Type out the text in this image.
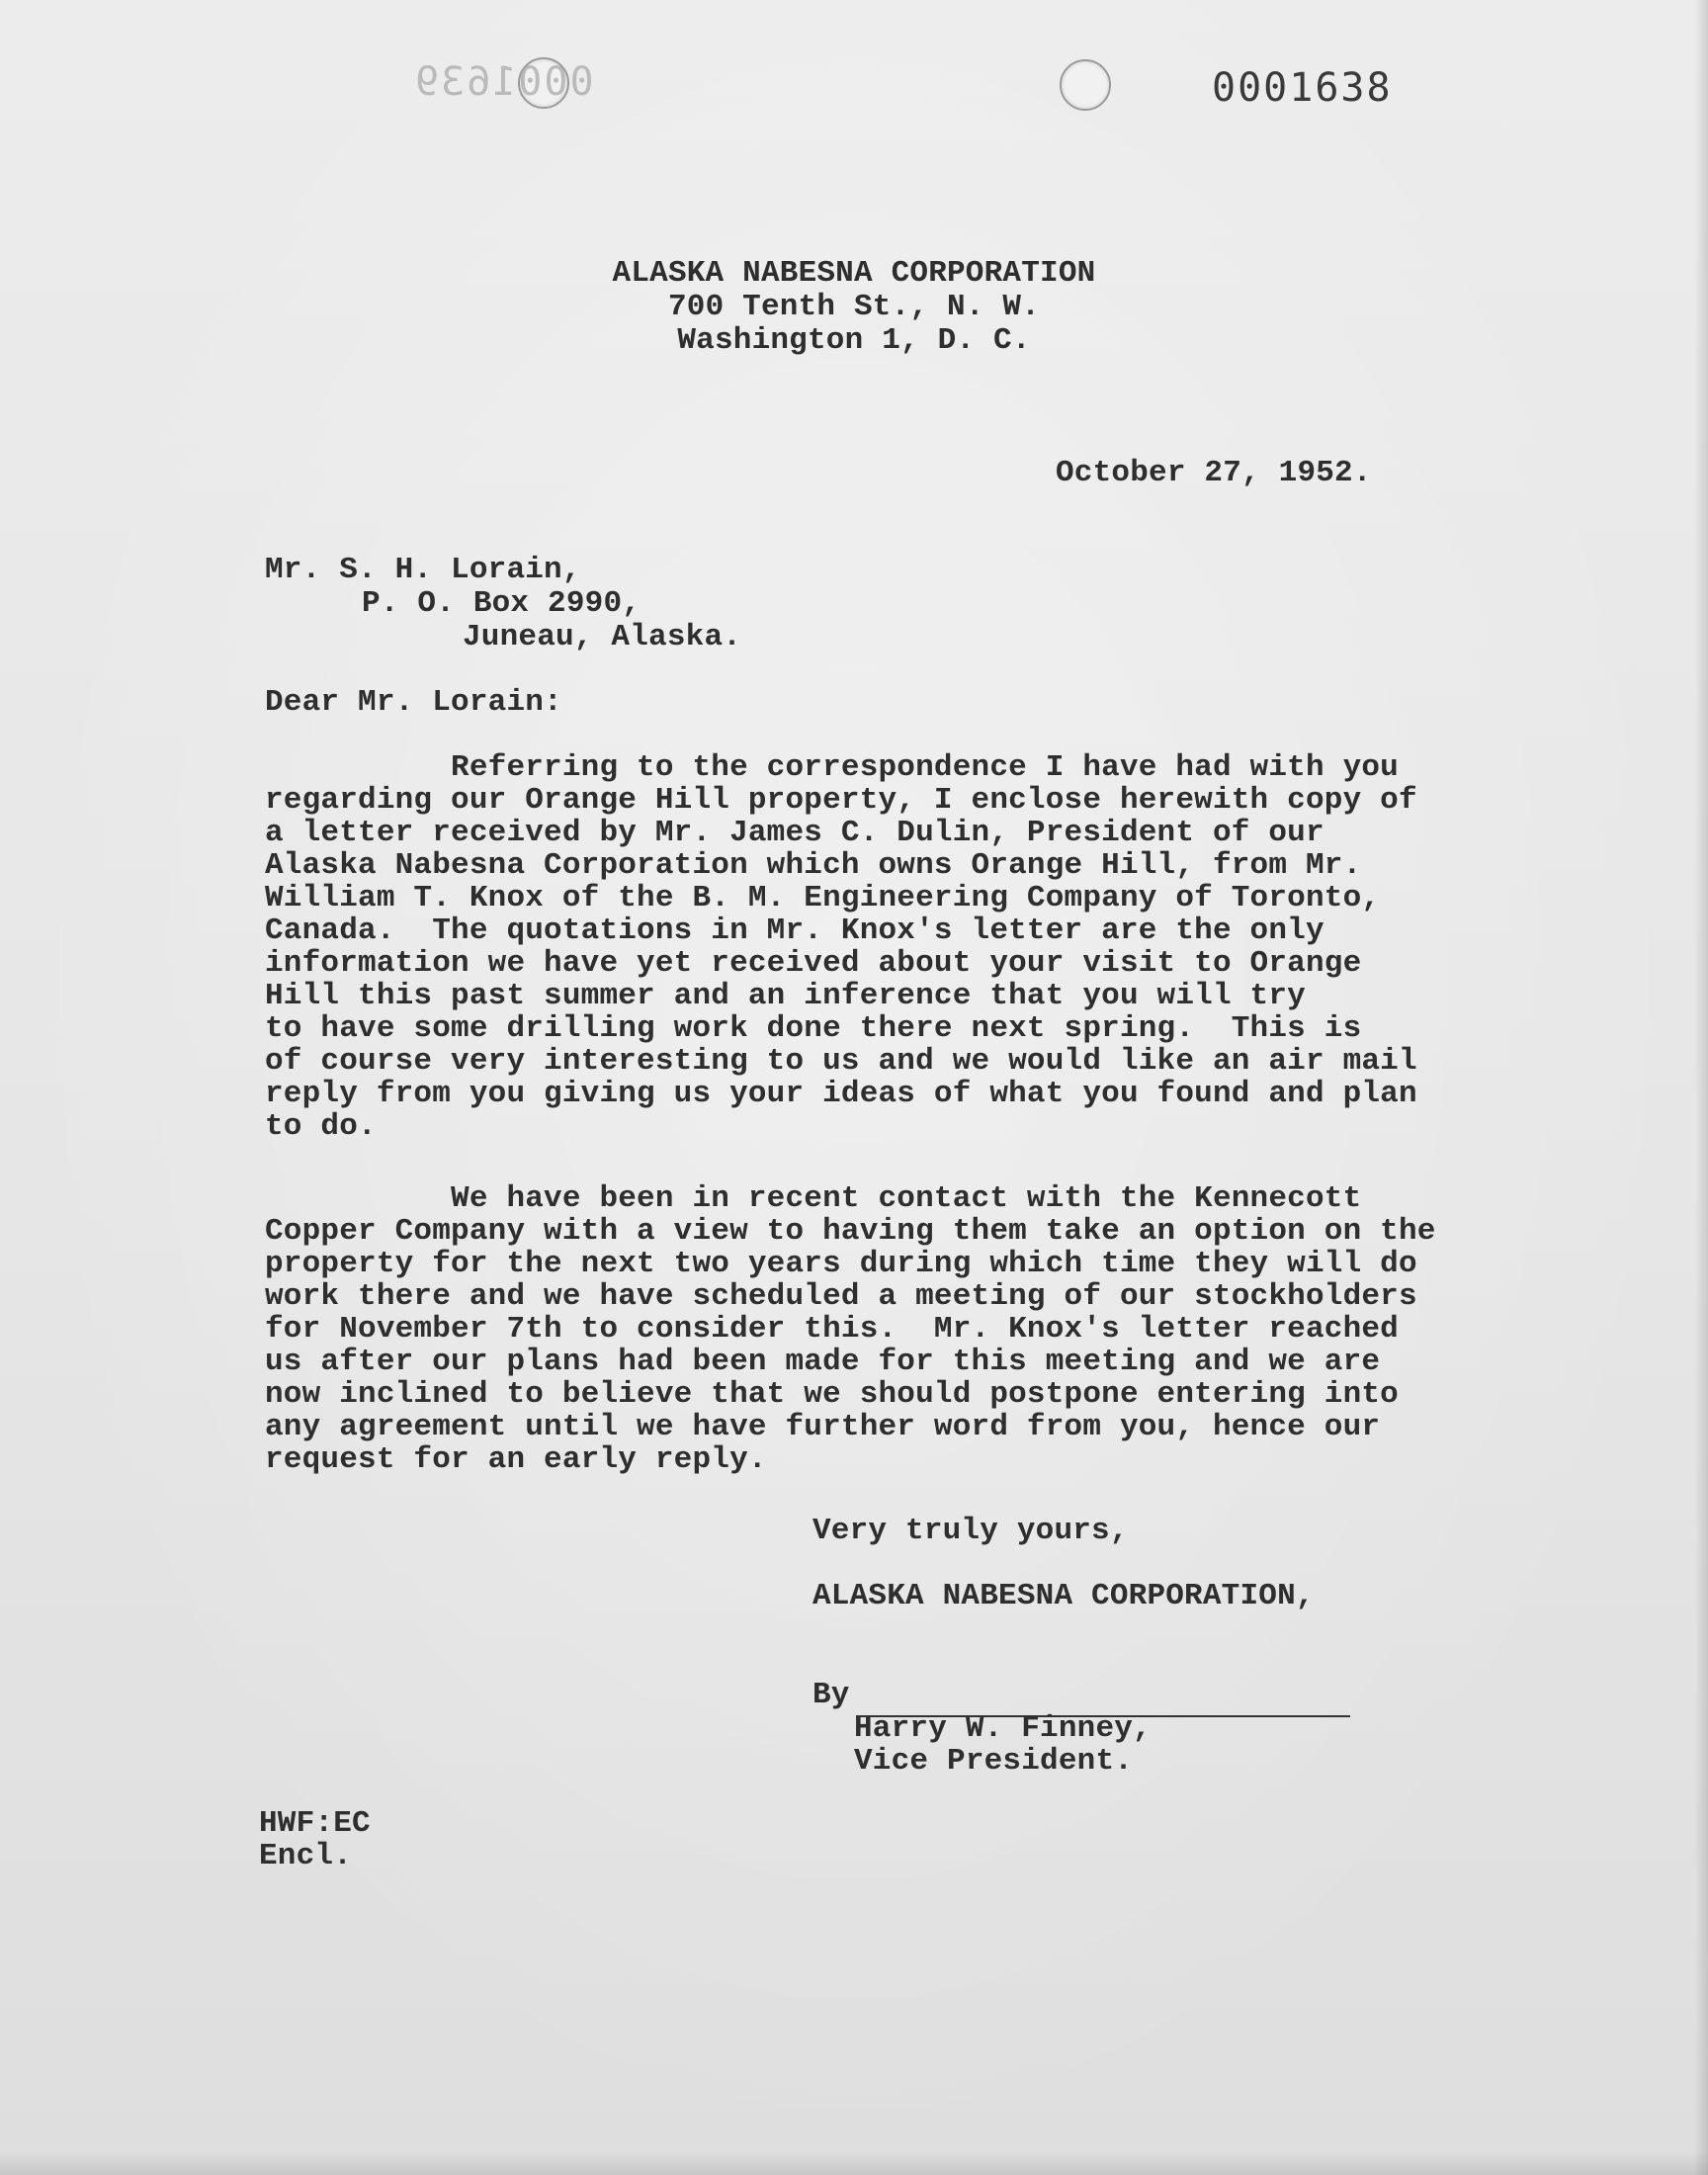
0001639	0001638
ALASKA NABESNA CORPORATION
700 Tenth St., N. W.
Washington 1, D. C.
October 27, 1952.
Mr. S. H. Lorain,
P. O. Box 2990,
Juneau, Alaska.
Dear Mr. Lorain:
Referring to the correspondence I have had with you
regarding our Orange Hill property, I enclose herewith copy of
a letter received by Mr. James C. Dulin, President of our
Alaska Nabesna Corporation which owns Orange Hill, from Mr.
William T. Knox of the B. M. Engineering Company of Toronto,
Canada.  The quotations in Mr. Knox's letter are the only
information we have yet received about your visit to Orange
Hill this past summer and an inference that you will try
to have some drilling work done there next spring.  This is
of course very interesting to us and we would like an air mail
reply from you giving us your ideas of what you found and plan
to do.
We have been in recent contact with the Kennecott
Copper Company with a view to having them take an option on the
property for the next two years during which time they will do
work there and we have scheduled a meeting of our stockholders
for November 7th to consider this.  Mr. Knox's letter reached
us after our plans had been made for this meeting and we are
now inclined to believe that we should postpone entering into
any agreement until we have further word from you, hence our
request for an early reply.
Very truly yours,
ALASKA NABESNA CORPORATION,
By
Harry W. Finney,
Vice President.
HWF:EC
Encl.
